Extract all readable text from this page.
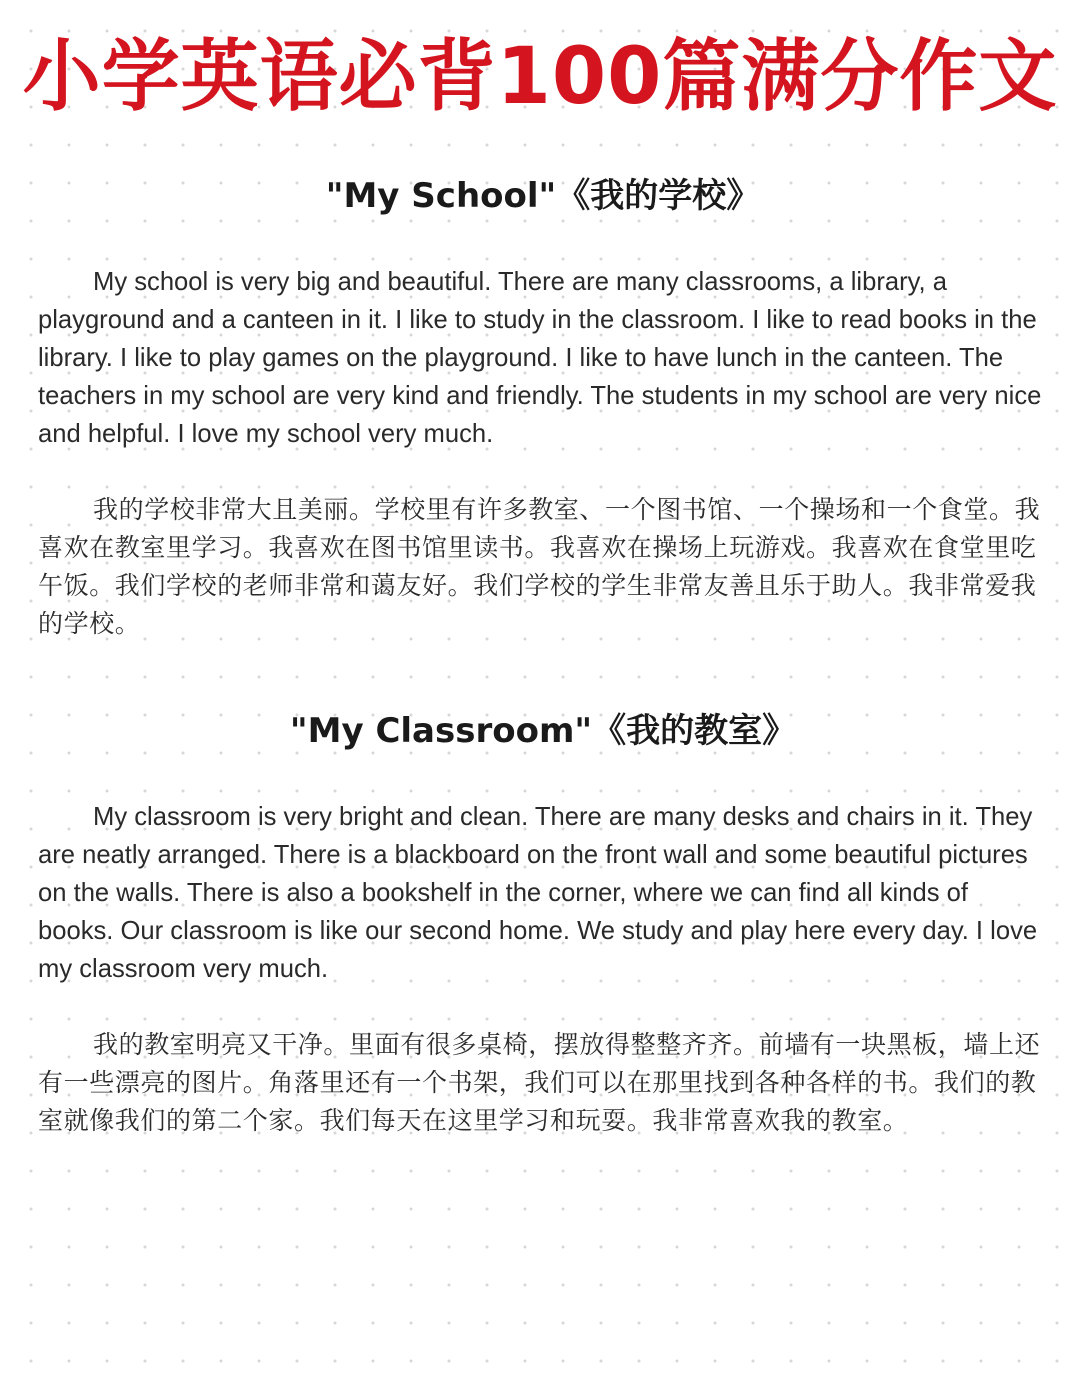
小学英语必背100篇满分作文
"My School"《我的学校》

My school is very big and beautiful. There are many classrooms, a library, a playground and a canteen in it. I like to study in the classroom. I like to read books in the library. I like to play games on the playground. I like to have lunch in the canteen. The teachers in my school are very kind and friendly. The students in my school are very nice and helpful. I love my school very much.

我的学校非常大且美丽。学校里有许多教室、一个图书馆、一个操场和一个食堂。我喜欢在教室里学习。我喜欢在图书馆里读书。我喜欢在操场上玩游戏。我喜欢在食堂里吃午饭。我们学校的老师非常和蔼友好。我们学校的学生非常友善且乐于助人。我非常爱我的学校。

"My Classroom"《我的教室》

My classroom is very bright and clean. There are many desks and chairs in it. They are neatly arranged. There is a blackboard on the front wall and some beautiful pictures on the walls. There is also a bookshelf in the corner, where we can find all kinds of books. Our classroom is like our second home. We study and play here every day. I love my classroom very much.

我的教室明亮又干净。里面有很多桌椅，摆放得整整齐齐。前墙有一块黑板，墙上还有一些漂亮的图片。角落里还有一个书架，我们可以在那里找到各种各样的书。我们的教室就像我们的第二个家。我们每天在这里学习和玩耍。我非常喜欢我的教室。
